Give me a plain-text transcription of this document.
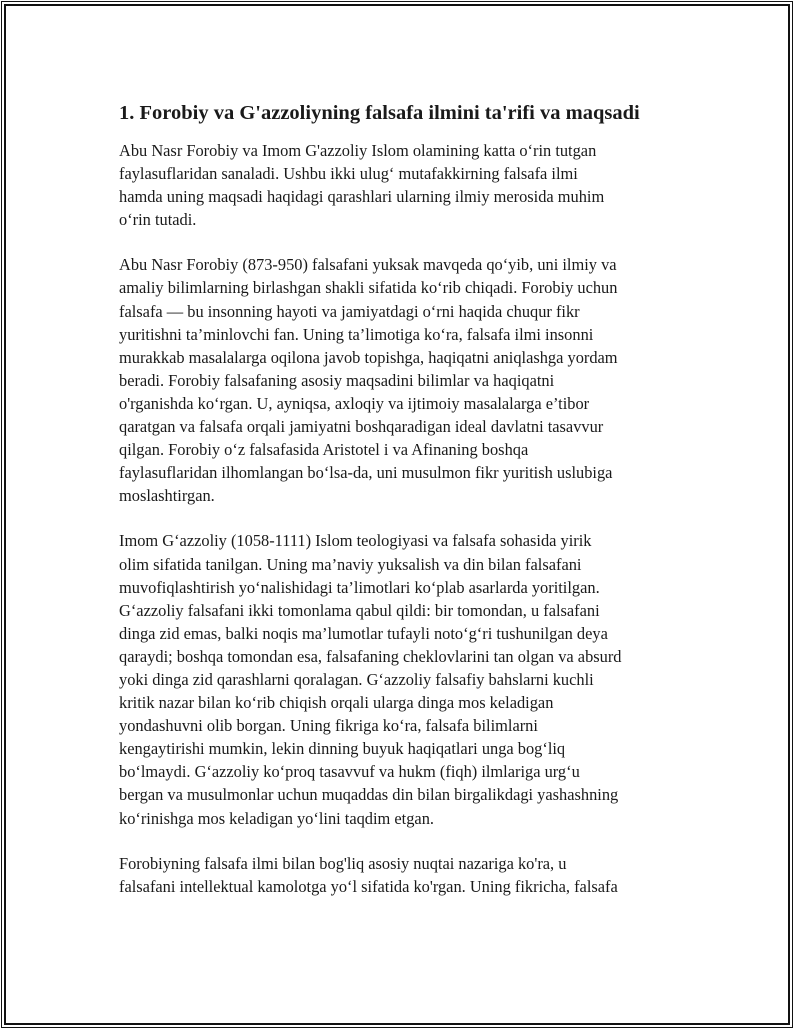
1. Forobiy va G'azzoliyning falsafa ilmini ta'rifi va maqsadi

Abu Nasr Forobiy va Imom G'azzoliy Islom olamining katta o‘rin tutgan
faylasuflaridan sanaladi. Ushbu ikki ulug‘ mutafakkirning falsafa ilmi
hamda uning maqsadi haqidagi qarashlari ularning ilmiy merosida muhim
o‘rin tutadi.

Abu Nasr Forobiy (873-950) falsafani yuksak mavqeda qo‘yib, uni ilmiy va
amaliy bilimlarning birlashgan shakli sifatida ko‘rib chiqadi. Forobiy uchun
falsafa — bu insonning hayoti va jamiyatdagi o‘rni haqida chuqur fikr
yuritishni ta’minlovchi fan. Uning ta’limotiga ko‘ra, falsafa ilmi insonni
murakkab masalalarga oqilona javob topishga, haqiqatni aniqlashga yordam
beradi. Forobiy falsafaning asosiy maqsadini bilimlar va haqiqatni
o'rganishda ko‘rgan. U, ayniqsa, axloqiy va ijtimoiy masalalarga e’tibor
qaratgan va falsafa orqali jamiyatni boshqaradigan ideal davlatni tasavvur
qilgan. Forobiy o‘z falsafasida Aristotel i va Afinaning boshqa
faylasuflaridan ilhomlangan bo‘lsa-da, uni musulmon fikr yuritish uslubiga
moslashtirgan.

Imom G‘azzoliy (1058-1111) Islom teologiyasi va falsafa sohasida yirik
olim sifatida tanilgan. Uning ma’naviy yuksalish va din bilan falsafani
muvofiqlashtirish yo‘nalishidagi ta’limotlari ko‘plab asarlarda yoritilgan.
G‘azzoliy falsafani ikki tomonlama qabul qildi: bir tomondan, u falsafani
dinga zid emas, balki noqis ma’lumotlar tufayli noto‘g‘ri tushunilgan deya
qaraydi; boshqa tomondan esa, falsafaning cheklovlarini tan olgan va absurd
yoki dinga zid qarashlarni qoralagan. G‘azzoliy falsafiy bahslarni kuchli
kritik nazar bilan ko‘rib chiqish orqali ularga dinga mos keladigan
yondashuvni olib borgan. Uning fikriga ko‘ra, falsafa bilimlarni
kengaytirishi mumkin, lekin dinning buyuk haqiqatlari unga bog‘liq
bo‘lmaydi. G‘azzoliy ko‘proq tasavvuf va hukm (fiqh) ilmlariga urg‘u
bergan va musulmonlar uchun muqaddas din bilan birgalikdagi yashashning
ko‘rinishga mos keladigan yo‘lini taqdim etgan.

Forobiyning falsafa ilmi bilan bog'liq asosiy nuqtai nazariga ko'ra, u
falsafani intellektual kamolotga yo‘l sifatida ko'rgan. Uning fikricha, falsafa
